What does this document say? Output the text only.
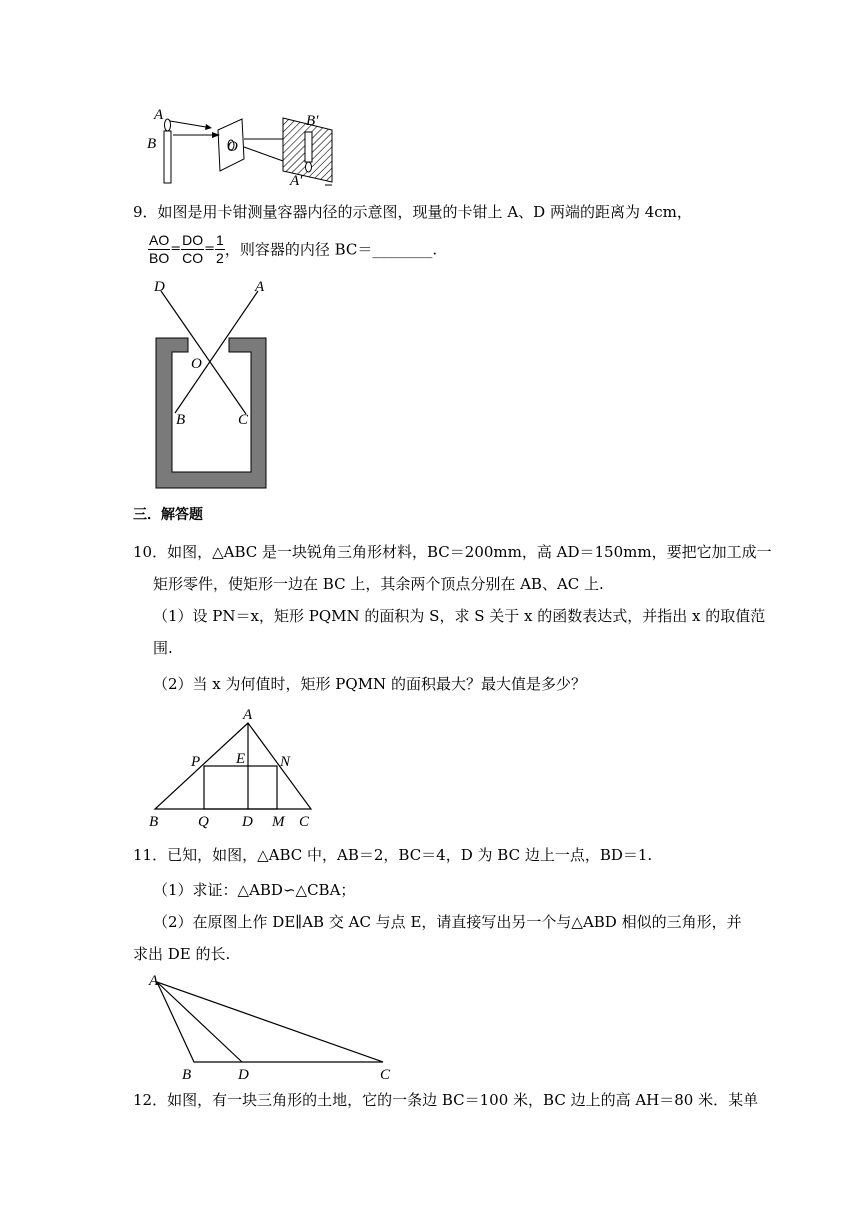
A
B	O
B′
A′
9．如图是用卡钳测量容器内径的示意图，现量的卡钳上 A、D 两端的距离为 4cm，
$\frac{AO}{BO} = \frac{DO}{CO} = \frac{1}{2}$ ，则容器的内径 BC＝________.
D	A
O
B	C
三．解答题
10．如图，△ABC 是一块锐角三角形材料，BC＝200mm，高 AD＝150mm，要把它加工成一
矩形零件，使矩形一边在 BC 上，其余两个顶点分别在 AB、AC 上.
（1）设 PN＝x，矩形 PQMN 的面积为 S，求 S 关于 x 的函数表达式，并指出 x 的取值范
围.
（2）当 x 为何值时，矩形 PQMN 的面积最大？最大值是多少？
A
P E N
B	Q D M C
11．已知，如图，△ABC 中，AB＝2，BC＝4，D 为 BC 边上一点，BD＝1.
（1）求证：△ABD∽△CBA；
（2）在原图上作 DE∥AB 交 AC 与点 E，请直接写出另一个与△ABD 相似的三角形，并
求出 DE 的长.
A
B	D	C
12．如图，有一块三角形的土地，它的一条边 BC＝100 米，BC 边上的高 AH＝80 米．某单
